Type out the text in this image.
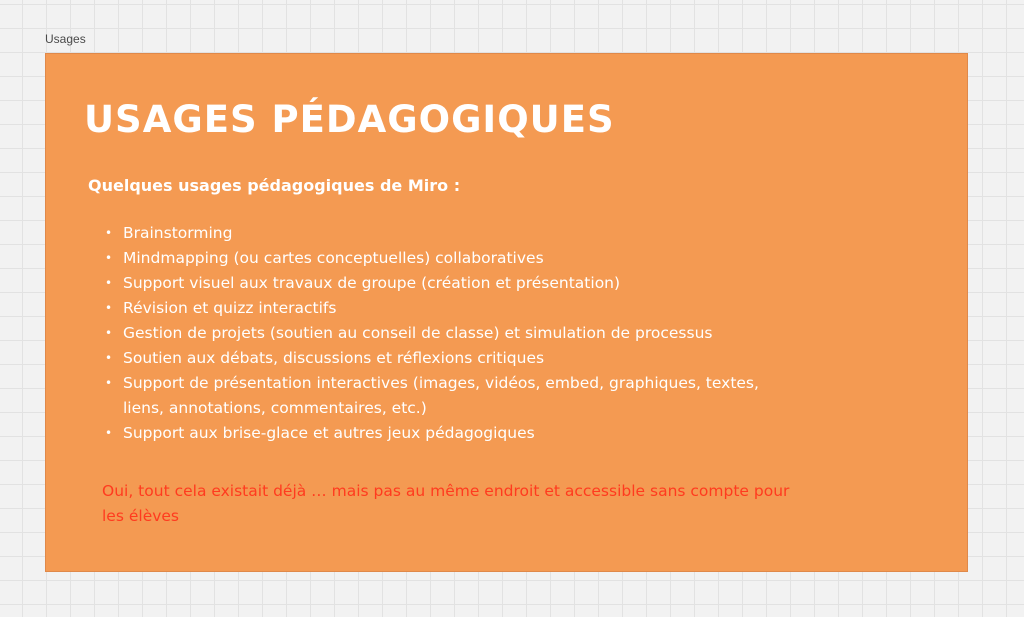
Usages
USAGES PÉDAGOGIQUES

Quelques usages pédagogiques de Miro :

• Brainstorming
• Mindmapping (ou cartes conceptuelles) collaboratives
• Support visuel aux travaux de groupe (création et présentation)
• Révision et quizz interactifs
• Gestion de projets (soutien au conseil de classe) et simulation de processus
• Soutien aux débats, discussions et réflexions critiques
• Support de présentation interactives (images, vidéos, embed, graphiques, textes, liens, annotations, commentaires, etc.)
• Support aux brise-glace et autres jeux pédagogiques

Oui, tout cela existait déjà … mais pas au même endroit et accessible sans compte pour les élèves
